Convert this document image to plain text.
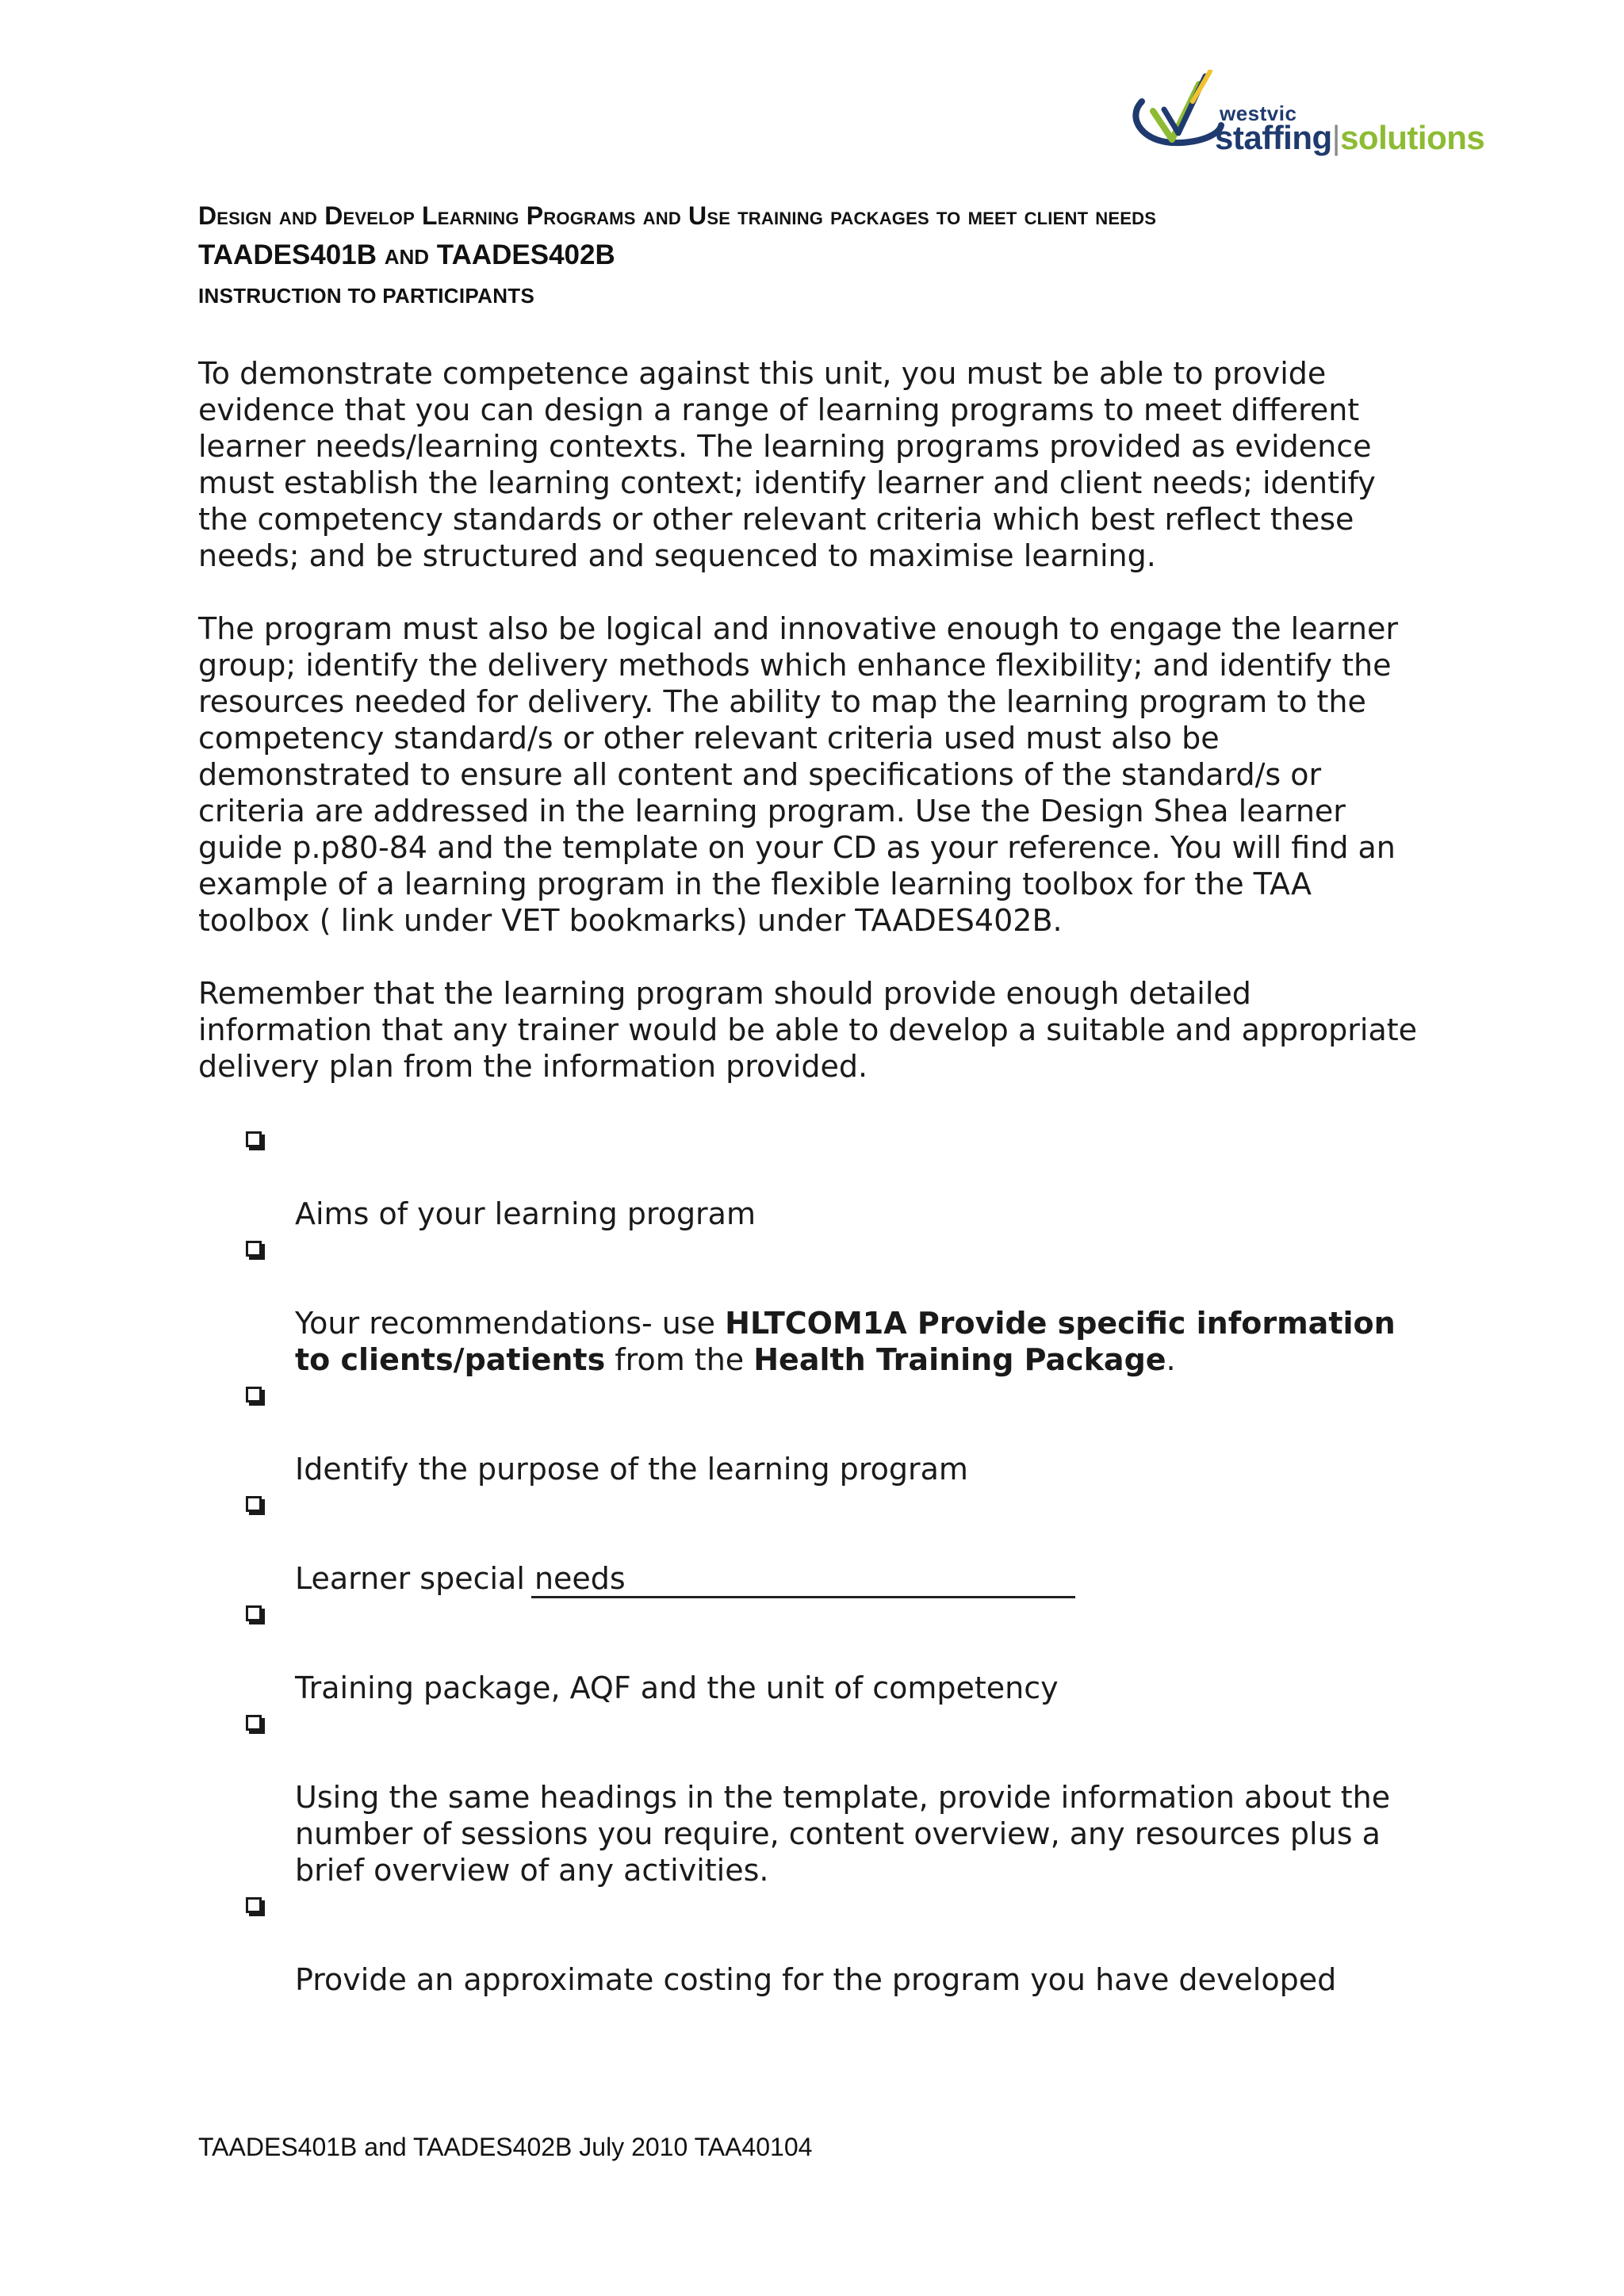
westvic
staffing|solutions
Design and Develop Learning Programs and Use training packages to meet client needs
TAADES401B AND TAADES402B
INSTRUCTION TO PARTICIPANTS

To demonstrate competence against this unit, you must be able to provide
evidence that you can design a range of learning programs to meet different
learner needs/learning contexts. The learning programs provided as evidence
must establish the learning context; identify learner and client needs; identify
the competency standards or other relevant criteria which best reflect these
needs; and be structured and sequenced to maximise learning.

The program must also be logical and innovative enough to engage the learner
group; identify the delivery methods which enhance flexibility; and identify the
resources needed for delivery. The ability to map the learning program to the
competency standard/s or other relevant criteria used must also be
demonstrated to ensure all content and specifications of the standard/s or
criteria are addressed in the learning program. Use the Design Shea learner
guide p.p80-84 and the template on your CD as your reference. You will find an
example of a learning program in the flexible learning toolbox for the TAA
toolbox ( link under VET bookmarks) under TAADES402B.

Remember that the learning program should provide enough detailed
information that any trainer would be able to develop a suitable and appropriate
delivery plan from the information provided.

Aims of your learning program

Your recommendations- use HLTCOM1A Provide specific information
to clients/patients from the Health Training Package.

Identify the purpose of the learning program

Learner special needs

Training package, AQF and the unit of competency

Using the same headings in the template, provide information about the
number of sessions you require, content overview, any resources plus a
brief overview of any activities.

Provide an approximate costing for the program you have developed

TAADES401B and TAADES402B July 2010 TAA40104
